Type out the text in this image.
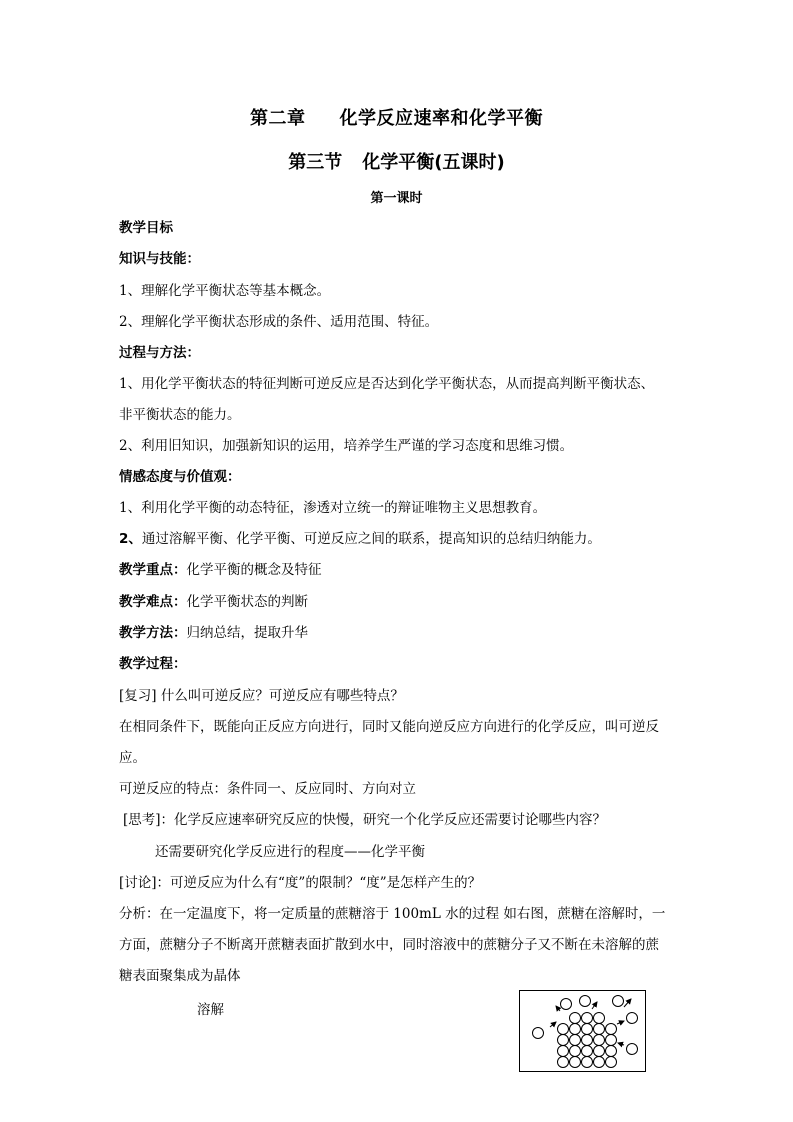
第二章 化学反应速率和化学平衡
第三节 化学平衡(五课时)
第一课时
教学目标
知识与技能：
1、理解化学平衡状态等基本概念。
2、理解化学平衡状态形成的条件、适用范围、特征。
过程与方法：
1、用化学平衡状态的特征判断可逆反应是否达到化学平衡状态，从而提高判断平衡状态、
非平衡状态的能力。
2、利用旧知识，加强新知识的运用，培养学生严谨的学习态度和思维习惯。
情感态度与价值观：
1、利用化学平衡的动态特征，渗透对立统一的辩证唯物主义思想教育。
2、通过溶解平衡、化学平衡、可逆反应之间的联系，提高知识的总结归纳能力。
教学重点：化学平衡的概念及特征
教学难点：化学平衡状态的判断
教学方法：归纳总结，提取升华
教学过程：
[复习] 什么叫可逆反应？可逆反应有哪些特点？
在相同条件下，既能向正反应方向进行，同时又能向逆反应方向进行的化学反应，叫可逆反
应。
可逆反应的特点：条件同一、反应同时、方向对立
[思考]：化学反应速率研究反应的快慢，研究一个化学反应还需要讨论哪些内容？
还需要研究化学反应进行的程度——化学平衡
[讨论]：可逆反应为什么有“度”的限制？“度”是怎样产生的？
分析：在一定温度下，将一定质量的蔗糖溶于 100mL 水的过程 如右图，蔗糖在溶解时，一
方面，蔗糖分子不断离开蔗糖表面扩散到水中，同时溶液中的蔗糖分子又不断在未溶解的蔗
糖表面聚集成为晶体
溶解
